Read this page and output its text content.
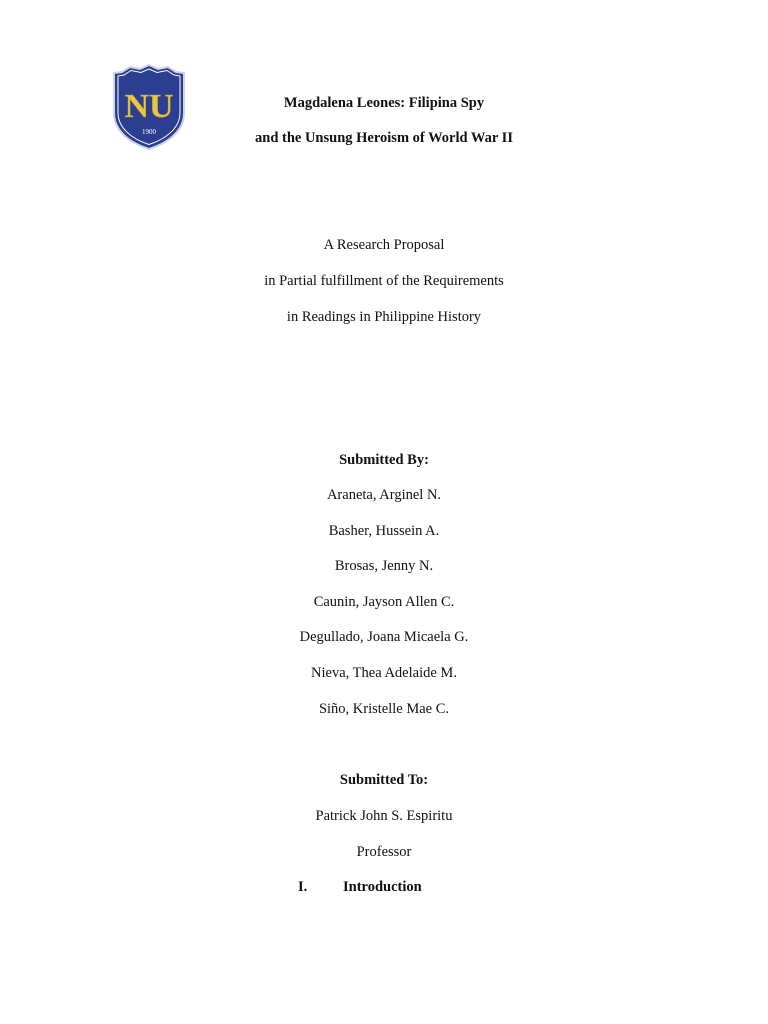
NU
1900
Magdalena Leones: Filipina Spy
and the Unsung Heroism of World War II
A Research Proposal
in Partial fulfillment of the Requirements
in Readings in Philippine History
Submitted By:
Araneta, Arginel N.
Basher, Hussein A.
Brosas, Jenny N.
Caunin, Jayson Allen C.
Degullado, Joana Micaela G.
Nieva, Thea Adelaide M.
Siño, Kristelle Mae C.
Submitted To:
Patrick John S. Espiritu
Professor
I. Introduction
